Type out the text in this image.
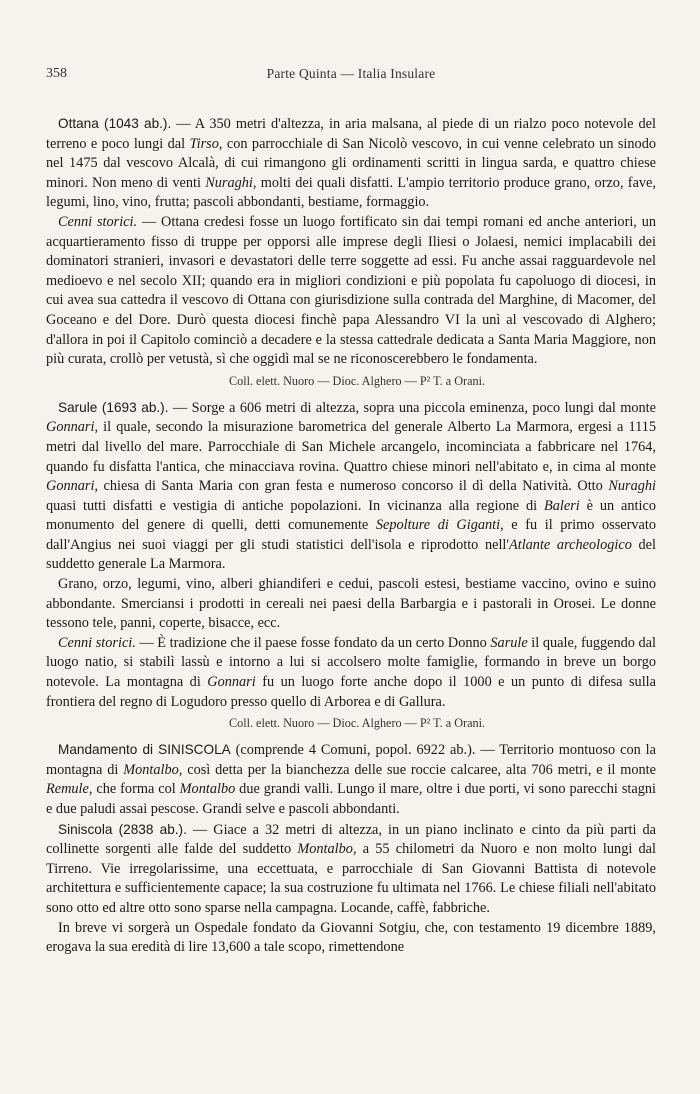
358	Parte Quinta — Italia Insulare

Ottana (1043 ab.). — A 350 metri d'altezza, in aria malsana, al piede di un rialzo poco notevole del terreno e poco lungi dal Tirso, con parrocchiale di San Nicolò vescovo, in cui venne celebrato un sinodo nel 1475 dal vescovo Alcalà, di cui rimangono gli ordinamenti scritti in lingua sarda, e quattro chiese minori. Non meno di venti Nuraghi, molti dei quali disfatti. L'ampio territorio produce grano, orzo, fave, legumi, lino, vino, frutta; pascoli abbondanti, bestiame, formaggio.

Cenni storici. — Ottana credesi fosse un luogo fortificato sin dai tempi romani ed anche anteriori, un acquartieramento fisso di truppe per opporsi alle imprese degli Iliesi o Jolaesi, nemici implacabili dei dominatori stranieri, invasori e devastatori delle terre soggette ad essi. Fu anche assai ragguardevole nel medioevo e nel secolo XII; quando era in migliori condizioni e più popolata fu capoluogo di diocesi, in cui avea sua cattedra il vescovo di Ottana con giurisdizione sulla contrada del Marghine, di Macomer, del Goceano e del Dore. Durò questa diocesi finchè papa Alessandro VI la unì al vescovado di Alghero; d'allora in poi il Capitolo cominciò a decadere e la stessa cattedrale dedicata a Santa Maria Maggiore, non più curata, crollò per vetustà, sì che oggidì mal se ne riconoscerebbero le fondamenta.

Coll. elett. Nuoro — Dioc. Alghero — P² T. a Orani.

Sarule (1693 ab.). — Sorge a 606 metri di altezza, sopra una piccola eminenza, poco lungi dal monte Gonnari, il quale, secondo la misurazione barometrica del generale Alberto La Marmora, ergesi a 1115 metri dal livello del mare. Parrocchiale di San Michele arcangelo, incominciata a fabbricare nel 1764, quando fu disfatta l'antica, che minacciava rovina. Quattro chiese minori nell'abitato e, in cima al monte Gonnari, chiesa di Santa Maria con gran festa e numeroso concorso il dì della Natività. Otto Nuraghi quasi tutti disfatti e vestigia di antiche popolazioni. In vicinanza alla regione di Baleri è un antico monumento del genere di quelli, detti comunemente Sepolture di Giganti, e fu il primo osservato dall'Angius nei suoi viaggi per gli studi statistici dell'isola e riprodotto nell'Atlante archeologico del suddetto generale La Marmora.

Grano, orzo, legumi, vino, alberi ghiandiferi e cedui, pascoli estesi, bestiame vaccino, ovino e suino abbondante. Smerciansi i prodotti in cereali nei paesi della Barbargia e i pastorali in Orosei. Le donne tessono tele, panni, coperte, bisacce, ecc.

Cenni storici. — È tradizione che il paese fosse fondato da un certo Donno Sarule il quale, fuggendo dal luogo natio, si stabilì lassù e intorno a lui si accolsero molte famiglie, formando in breve un borgo notevole. La montagna di Gonnari fu un luogo forte anche dopo il 1000 e un punto di difesa sulla frontiera del regno di Logudoro presso quello di Arborea e di Gallura.

Coll. elett. Nuoro — Dioc. Alghero — P² T. a Orani.

Mandamento di SINISCOLA (comprende 4 Comuni, popol. 6922 ab.). — Territorio montuoso con la montagna di Montalbo, così detta per la bianchezza delle sue roccie calcaree, alta 706 metri, e il monte Remule, che forma col Montalbo due grandi valli. Lungo il mare, oltre i due porti, vi sono parecchi stagni e due paludi assai pescose. Grandi selve e pascoli abbondanti.

Siniscola (2838 ab.). — Giace a 32 metri di altezza, in un piano inclinato e cinto da più parti da collinette sorgenti alle falde del suddetto Montalbo, a 55 chilometri da Nuoro e non molto lungi dal Tirreno. Vie irregolarissime, una eccettuata, e parrocchiale di San Giovanni Battista di notevole architettura e sufficientemente capace; la sua costruzione fu ultimata nel 1766. Le chiese filiali nell'abitato sono otto ed altre otto sono sparse nella campagna. Locande, caffè, fabbriche.

In breve vi sorgerà un Ospedale fondato da Giovanni Sotgiu, che, con testamento 19 dicembre 1889, erogava la sua eredità di lire 13,600 a tale scopo, rimettendone
